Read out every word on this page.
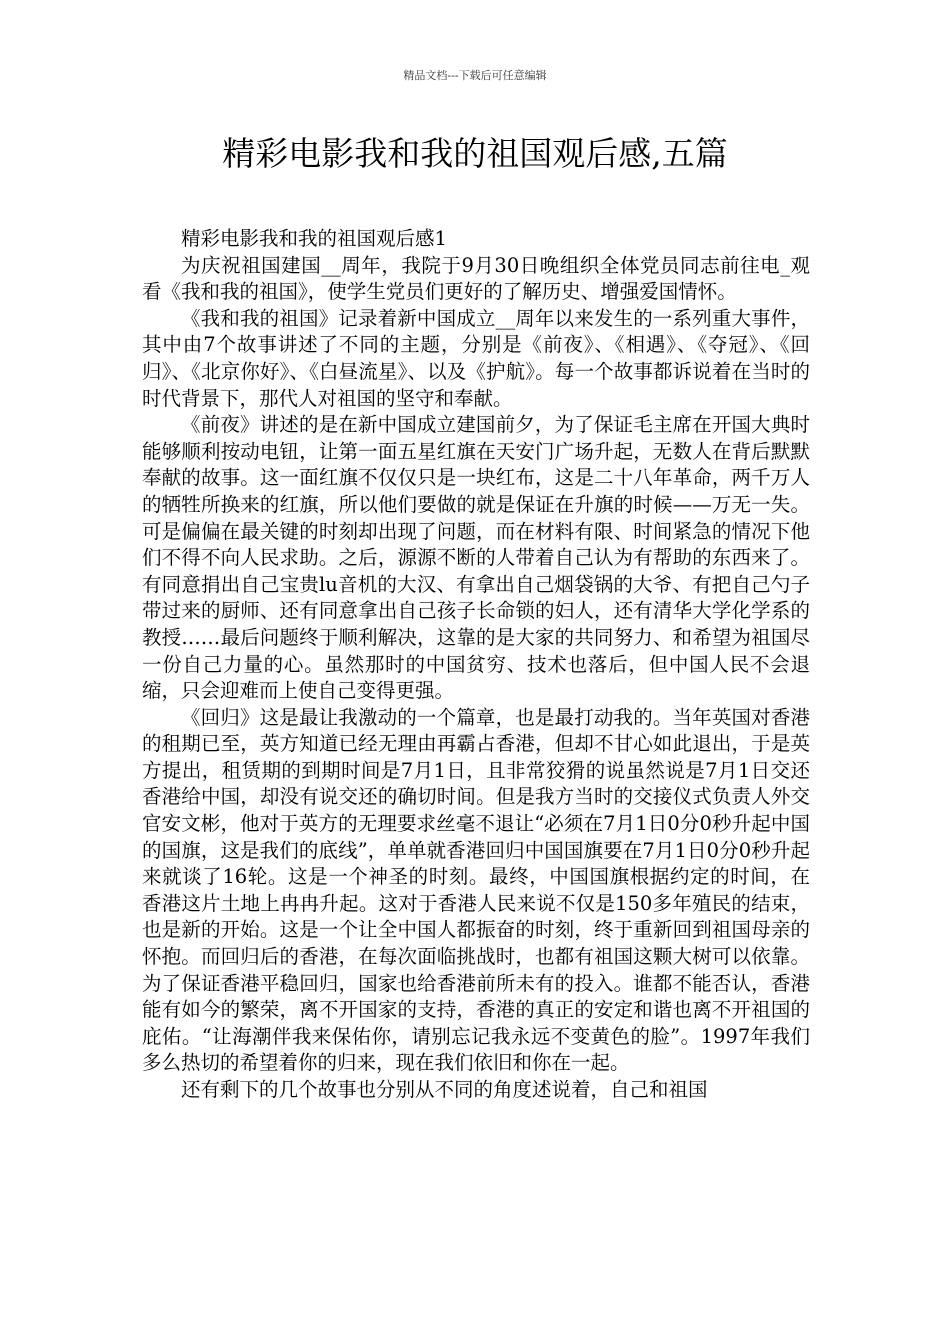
精品文档---下载后可任意编辑
精彩电影我和我的祖国观后感,五篇

精彩电影我和我的祖国观后感1

为庆祝祖国建国__周年，我院于9月30日晚组织全体党员同志前往电_观看《我和我的祖国》，使学生党员们更好的了解历史、增强爱国情怀。

《我和我的祖国》记录着新中国成立__周年以来发生的一系列重大事件，其中由7个故事讲述了不同的主题，分别是《前夜》、《相遇》、《夺冠》、《回归》、《北京你好》、《白昼流星》、以及《护航》。每一个故事都诉说着在当时的时代背景下，那代人对祖国的坚守和奉献。

《前夜》讲述的是在新中国成立建国前夕，为了保证毛主席在开国大典时能够顺利按动电钮，让第一面五星红旗在天安门广场升起，无数人在背后默默奉献的故事。这一面红旗不仅仅只是一块红布，这是二十八年革命，两千万人的牺牲所换来的红旗，所以他们要做的就是保证在升旗的时候——万无一失。可是偏偏在最关键的时刻却出现了问题，而在材料有限、时间紧急的情况下他们不得不向人民求助。之后，源源不断的人带着自己认为有帮助的东西来了。有同意捐出自己宝贵lu音机的大汉、有拿出自己烟袋锅的大爷、有把自己勺子带过来的厨师、还有同意拿出自己孩子长命锁的妇人，还有清华大学化学系的教授……最后问题终于顺利解决，这靠的是大家的共同努力、和希望为祖国尽一份自己力量的心。虽然那时的中国贫穷、技术也落后，但中国人民不会退缩，只会迎难而上使自己变得更强。

《回归》这是最让我激动的一个篇章，也是最打动我的。当年英国对香港的租期已至，英方知道已经无理由再霸占香港，但却不甘心如此退出，于是英方提出，租赁期的到期时间是7月1日，且非常狡猾的说虽然说是7月1日交还香港给中国，却没有说交还的确切时间。但是我方当时的交接仪式负责人外交官安文彬，他对于英方的无理要求丝毫不退让“必须在7月1日0分0秒升起中国的国旗，这是我们的底线”，单单就香港回归中国国旗要在7月1日0分0秒升起来就谈了16轮。这是一个神圣的时刻。最终，中国国旗根据约定的时间，在香港这片土地上冉冉升起。这对于香港人民来说不仅是150多年殖民的结束，也是新的开始。这是一个让全中国人都振奋的时刻，终于重新回到祖国母亲的怀抱。而回归后的香港，在每次面临挑战时，也都有祖国这颗大树可以依靠。为了保证香港平稳回归，国家也给香港前所未有的投入。谁都不能否认，香港能有如今的繁荣，离不开国家的支持，香港的真正的安定和谐也离不开祖国的庇佑。“让海潮伴我来保佑你，请别忘记我永远不变黄色的脸”。1997年我们多么热切的希望着你的归来，现在我们依旧和你在一起。

还有剩下的几个故事也分别从不同的角度述说着，自己和祖国
